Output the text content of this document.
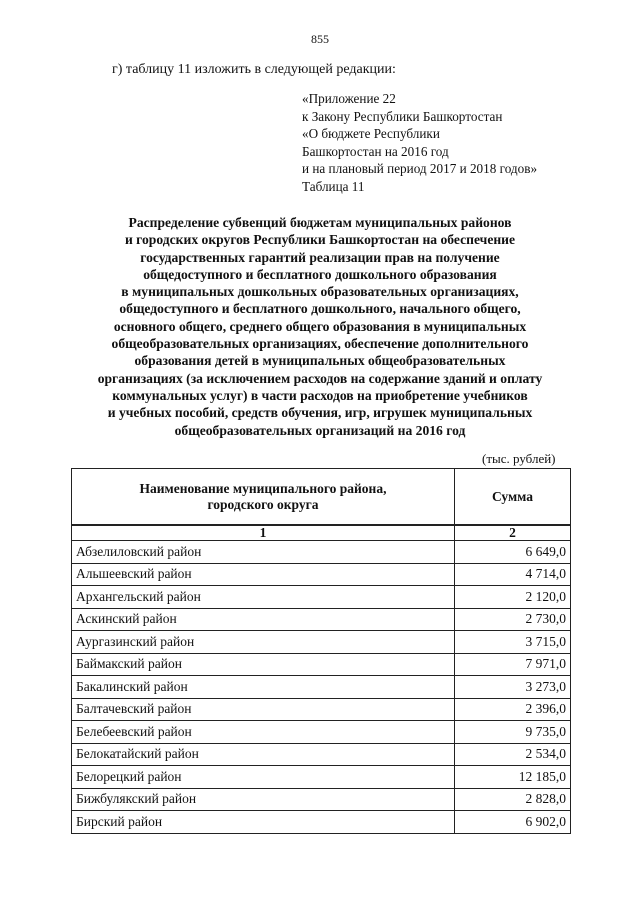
855
г) таблицу 11 изложить в следующей редакции:
«Приложение 22
к Закону Республики Башкортостан
«О бюджете Республики
Башкортостан на 2016 год
и на плановый период 2017 и 2018 годов»
Таблица 11
Распределение субвенций бюджетам муниципальных районов
и городских округов Республики Башкортостан на обеспечение
государственных гарантий реализации прав на получение
общедоступного и бесплатного дошкольного образования
в муниципальных дошкольных образовательных организациях,
общедоступного и бесплатного дошкольного, начального общего,
основного общего, среднего общего образования в муниципальных
общеобразовательных организациях, обеспечение дополнительного
образования детей в муниципальных общеобразовательных
организациях (за исключением расходов на содержание зданий и оплату
коммунальных услуг) в части расходов на приобретение учебников
и учебных пособий, средств обучения, игр, игрушек муниципальных
общеобразовательных организаций на 2016 год
(тыс. рублей)
Наименование муниципального района,
городского округа	Сумма
1	2
Абзелиловский район	6 649,0
Альшеевский район	4 714,0
Архангельский район	2 120,0
Аскинский район	2 730,0
Аургазинский район	3 715,0
Баймакский район	7 971,0
Бакалинский район	3 273,0
Балтачевский район	2 396,0
Белебеевский район	9 735,0
Белокатайский район	2 534,0
Белорецкий район	12 185,0
Бижбулякский район	2 828,0
Бирский район	6 902,0
